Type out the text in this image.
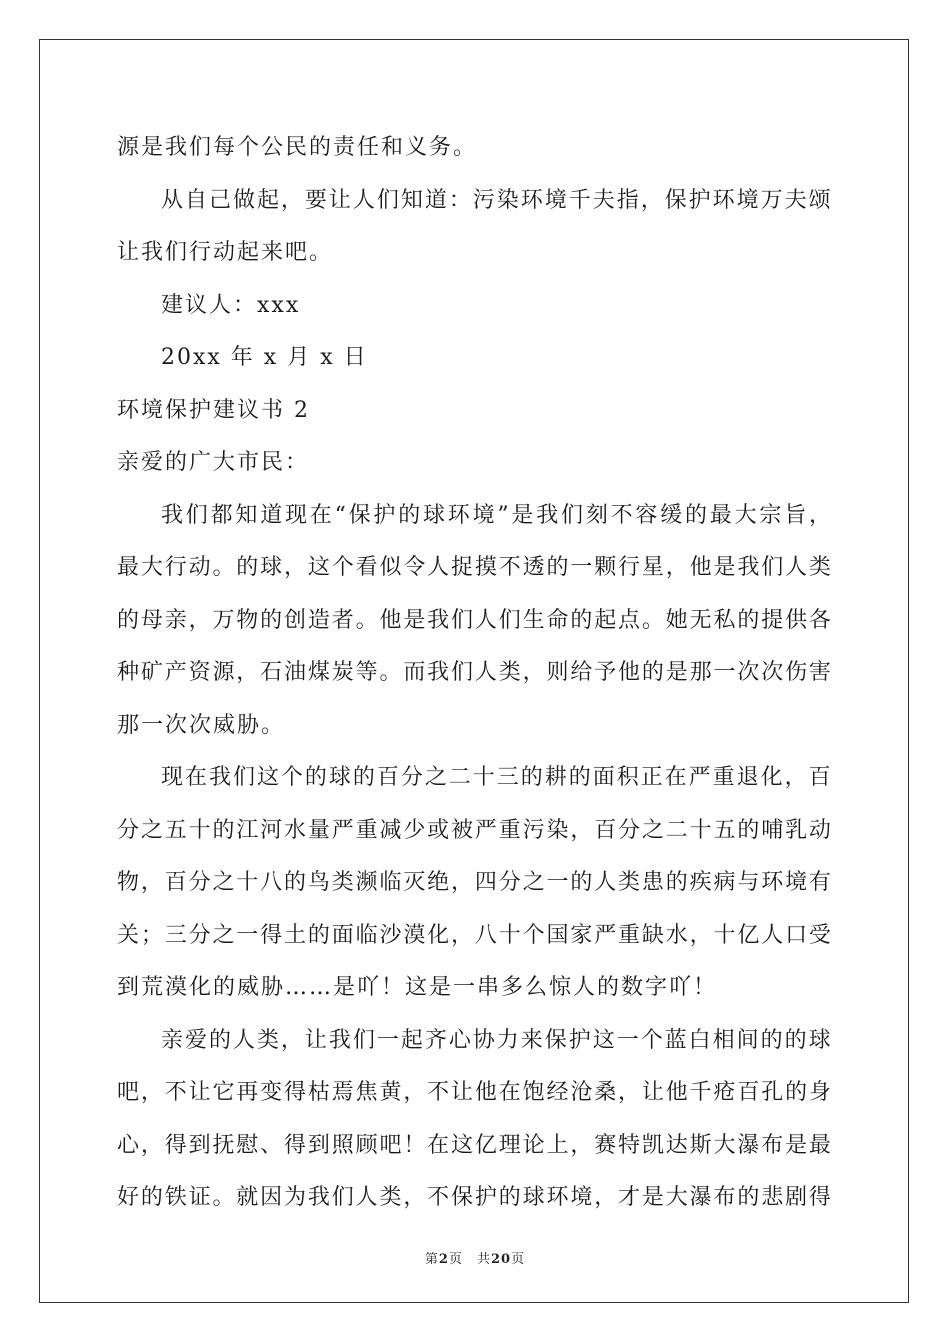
源是我们每个公民的责任和义务。
从 自 己 做 起 ， 要 让 人 们 知 道 ： 污 染 环 境 千 夫 指 ， 保 护 环 境 万 夫 颂
让我们行动起来吧。
建议人：xxx
20xx 年 x 月 x 日
环境保护建议书 2
亲爱的广大市民：
我 们 都 知 道 现 在 “ 保 护 的 球 环 境 ” 是 我 们 刻 不 容 缓 的 最 大 宗 旨 ，
最 大 行 动 。 的 球 ， 这 个 看 似 令 人 捉 摸 不 透 的 一 颗 行 星 ， 他 是 我 们 人 类
的 母 亲 ， 万 物 的 创 造 者 。 他 是 我 们 人 们 生 命 的 起 点 。 她 无 私 的 提 供 各
种 矿 产 资 源 ， 石 油 煤 炭 等 。 而 我 们 人 类 ， 则 给 予 他 的 是 那 一 次 次 伤 害
那一次次威胁。
现 在 我 们 这 个 的 球 的 百 分 之 二 十 三 的 耕 的 面 积 正 在 严 重 退 化 ， 百
分 之 五 十 的 江 河 水 量 严 重 减 少 或 被 严 重 污 染 ， 百 分 之 二 十 五 的 哺 乳 动
物 ， 百 分 之 十 八 的 鸟 类 濒 临 灭 绝 ， 四 分 之 一 的 人 类 患 的 疾 病 与 环 境 有
关 ； 三 分 之 一 得 土 的 面 临 沙 漠 化 ， 八 十 个 国 家 严 重 缺 水 ， 十 亿 人 口 受
到荒漠化的威胁……是吖！这是一串多么惊人的数字吖！
亲 爱 的 人 类 ， 让 我 们 一 起 齐 心 协 力 来 保 护 这 一 个 蓝 白 相 间 的 的 球
吧 ， 不 让 它 再 变 得 枯 焉 焦 黄 ， 不 让 他 在 饱 经 沧 桑 ， 让 他 千 疮 百 孔 的 身
心 ， 得 到 抚 慰 、 得 到 照 顾 吧 ！ 在 这 亿 理 论 上 ， 赛 特 凯 达 斯 大 瀑 布 是 最
好 的 铁 证 。 就 因 为 我 们 人 类 ， 不 保 护 的 球 环 境 ， 才 是 大 瀑 布 的 悲 剧 得
第2页　共20页
